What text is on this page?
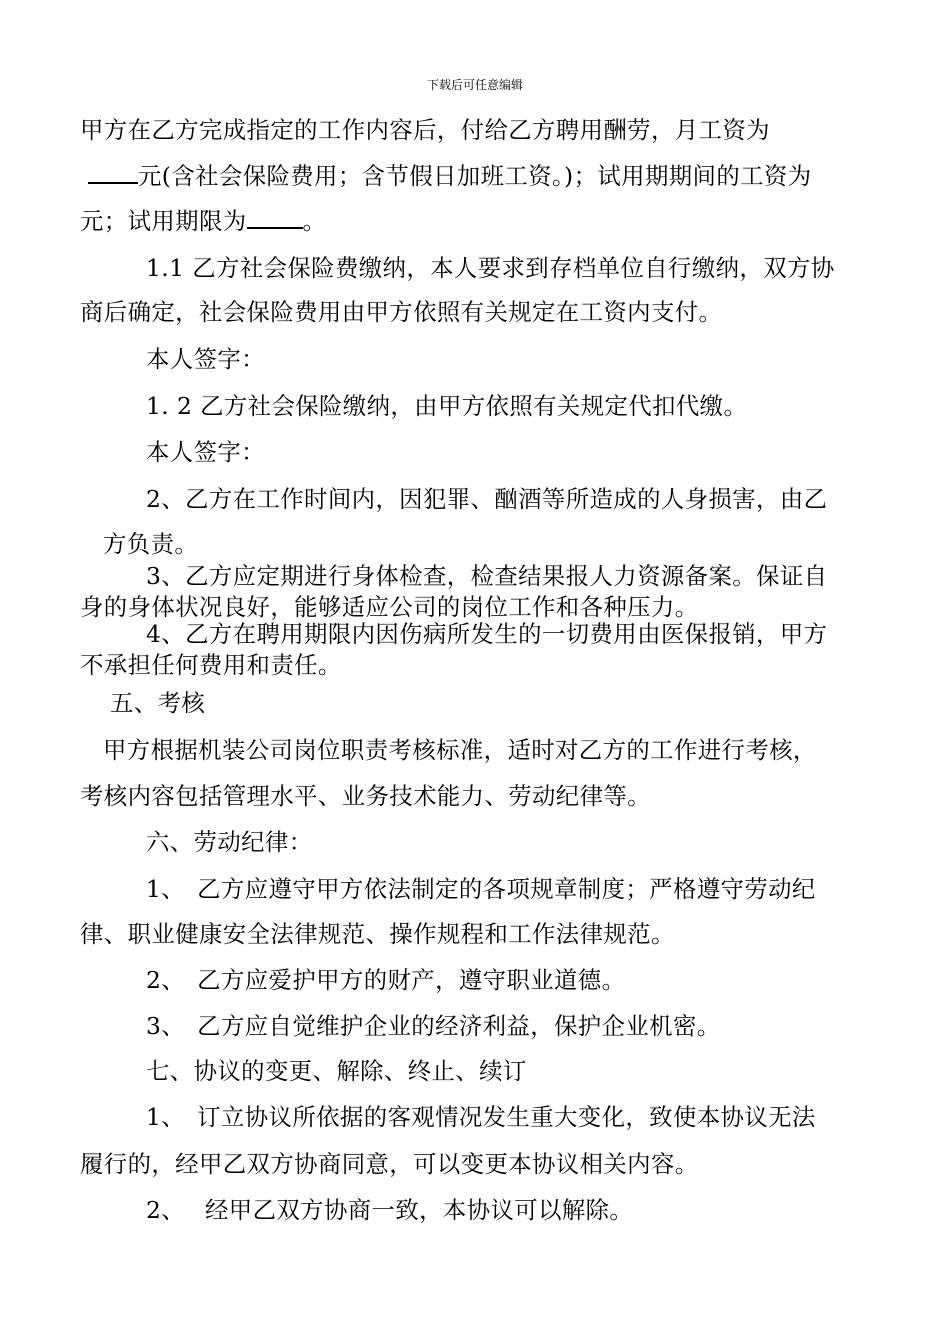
下载后可任意编辑
甲方在乙方完成指定的工作内容后，付给乙方聘用酬劳，月工资为
元(含社会保险费用；含节假日加班工资。)；试用期期间的工资为
元；试用期限为 。
1.1 乙方社会保险费缴纳，本人要求到存档单位自行缴纳，双方协
商后确定，社会保险费用由甲方依照有关规定在工资内支付。
本人签字：
1. 2 乙方社会保险缴纳，由甲方依照有关规定代扣代缴。
本人签字：
2、乙方在工作时间内，因犯罪、酗酒等所造成的人身损害，由乙
方负责。
3、乙方应定期进行身体检查，检查结果报人力资源备案。保证自
身的身体状况良好，能够适应公司的岗位工作和各种压力。
4、乙方在聘用期限内因伤病所发生的一切费用由医保报销，甲方
不承担任何费用和责任。
五、考核
甲方根据机装公司岗位职责考核标准，适时对乙方的工作进行考核，
考核内容包括管理水平、业务技术能力、劳动纪律等。
六、劳动纪律：
1、　乙方应遵守甲方依法制定的各项规章制度；严格遵守劳动纪
律、职业健康安全法律规范、操作规程和工作法律规范。
2、　乙方应爱护甲方的财产，遵守职业道德。
3、　乙方应自觉维护企业的经济利益，保护企业机密。
七、协议的变更、解除、终止、续订
1、　订立协议所依据的客观情况发生重大变化，致使本协议无法
履行的，经甲乙双方协商同意，可以变更本协议相关内容。
2、　 经甲乙双方协商一致，本协议可以解除。
